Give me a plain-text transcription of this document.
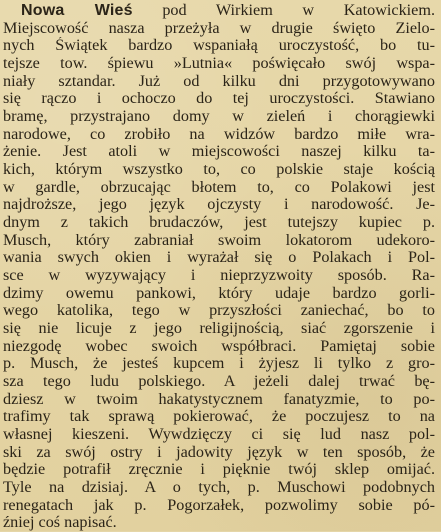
Nowa Wieś pod Wirkiem w Katowickiem.
Miejscowość nasza przeżyła w drugie święto Zielo-
nych Świątek bardzo wspaniałą uroczystość, bo tu-
tejsze tow. śpiewu »Lutnia« poświęcało swój wspa-
niały sztandar. Już od kilku dni przygotowywano
się rączo i ochoczo do tej uroczystości. Stawiano
bramę, przystrajano domy w zieleń i chorągiewki
narodowe, co zrobiło na widzów bardzo miłe wra-
żenie. Jest atoli w miejscowości naszej kilku ta-
kich, którym wszystko to, co polskie staje kością
w gardle, obrzucając błotem to, co Polakowi jest
najdroższe, jego język ojczysty i narodowość. Je-
dnym z takich brudaczów, jest tutejszy kupiec p.
Musch, który zabraniał swoim lokatorom udekoro-
wania swych okien i wyrażał się o Polakach i Pol-
sce w wyzywający i nieprzyzwoity sposób. Ra-
dzimy owemu pankowi, który udaje bardzo gorli-
wego katolika, tego w przyszłości zaniechać, bo to
się nie licuje z jego religijnością, siać zgorszenie i
niezgodę wobec swoich współbraci. Pamiętaj sobie
p. Musch, że jesteś kupcem i żyjesz li tylko z gro-
sza tego ludu polskiego. A jeżeli dalej trwać bę-
dziesz w twoim hakatystycznem fanatyzmie, to po-
trafimy tak sprawą pokierować, że poczujesz to na
własnej kieszeni. Wywdzięczy ci się lud nasz pol-
ski za swój ostry i jadowity język w ten sposób, że
będzie potrafił zręcznie i pięknie twój sklep omijać.
Tyle na dzisiaj. A o tych, p. Muschowi podobnych
renegatach jak p. Pogorzałek, pozwolimy sobie pó-
źniej coś napisać.
